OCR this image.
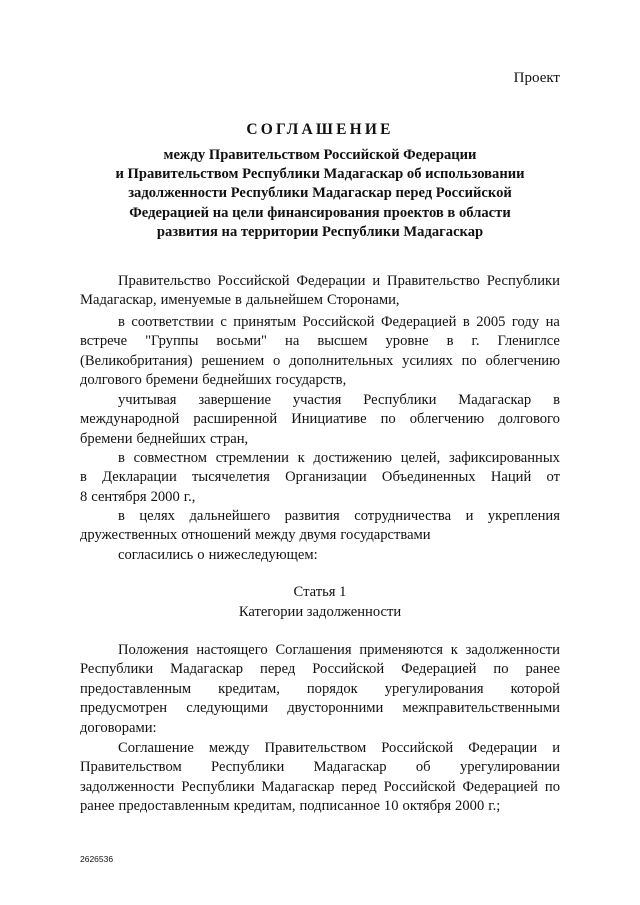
Проект
СОГЛАШЕНИЕ
между Правительством Российской Федерации
и Правительством Республики Мадагаскар об использовании
задолженности Республики Мадагаскар перед Российской
Федерацией на цели финансирования проектов в области
развития на территории Республики Мадагаскар
Правительство Российской Федерации и Правительство Республики
Мадагаскар, именуемые в дальнейшем Сторонами,
в соответствии с принятым Российской Федерацией в 2005 году на
встрече "Группы восьми" на высшем уровне в г. Глениглсе
(Великобритания) решением о дополнительных усилиях по облегчению
долгового бремени беднейших государств,
учитывая завершение участия Республики Мадагаскар в
международной расширенной Инициативе по облегчению долгового
бремени беднейших стран,
в совместном стремлении к достижению целей, зафиксированных
в Декларации тысячелетия Организации Объединенных Наций от
8 сентября 2000 г.,
в целях дальнейшего развития сотрудничества и укрепления
дружественных отношений между двумя государствами
согласились о нижеследующем:
Статья 1
Категории задолженности
Положения настоящего Соглашения применяются к задолженности
Республики Мадагаскар перед Российской Федерацией по ранее
предоставленным кредитам, порядок урегулирования которой
предусмотрен следующими двусторонними межправительственными
договорами:
Соглашение между Правительством Российской Федерации и
Правительством Республики Мадагаскар об урегулировании
задолженности Республики Мадагаскар перед Российской Федерацией по
ранее предоставленным кредитам, подписанное 10 октября 2000 г.;
2626536
